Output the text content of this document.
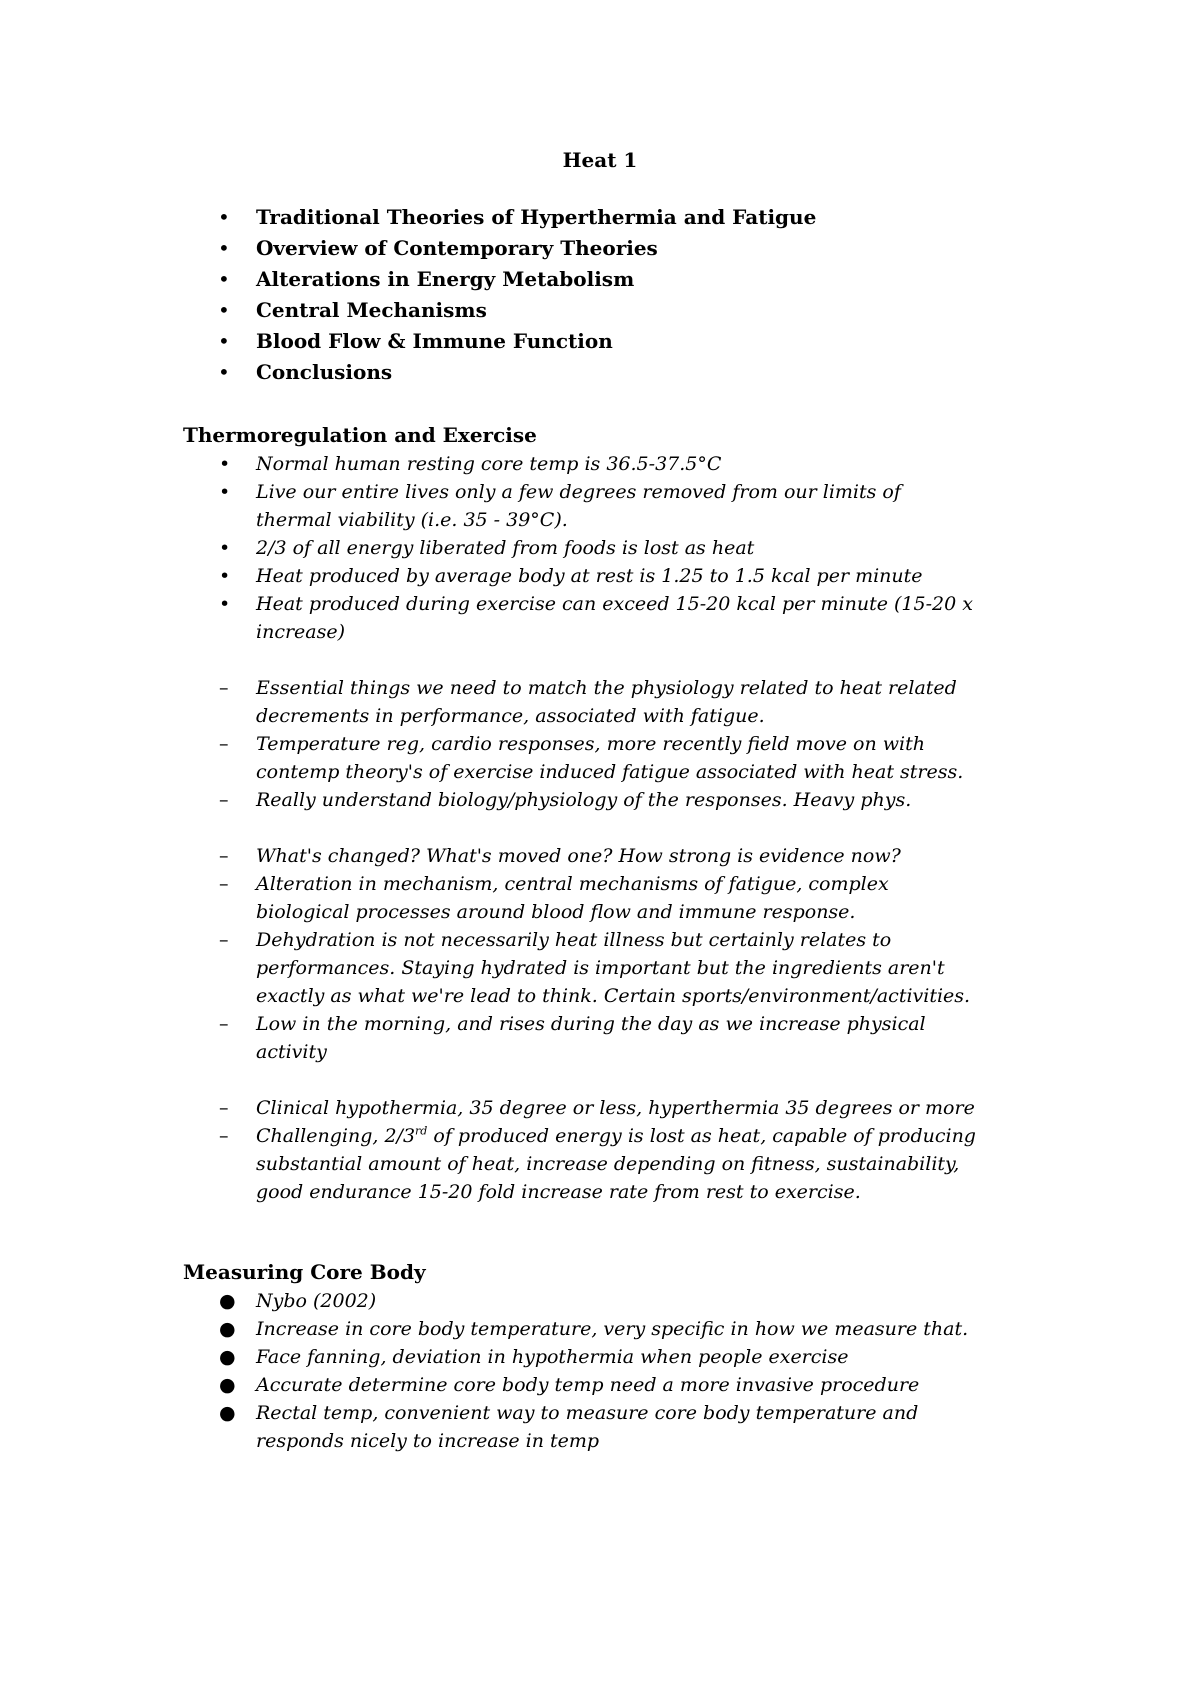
Heat 1
• Traditional Theories of Hyperthermia and Fatigue
• Overview of Contemporary Theories
• Alterations in Energy Metabolism
• Central Mechanisms
• Blood Flow & Immune Function
• Conclusions
Thermoregulation and Exercise
• Normal human resting core temp is 36.5-37.5°C
• Live our entire lives only a few degrees removed from our limits of thermal viability (i.e. 35 - 39°C).
• 2/3 of all energy liberated from foods is lost as heat
• Heat produced by average body at rest is 1.25 to 1.5 kcal per minute
• Heat produced during exercise can exceed 15-20 kcal per minute (15-20 x increase)
– Essential things we need to match the physiology related to heat related decrements in performance, associated with fatigue.
– Temperature reg, cardio responses, more recently field move on with contemp theory's of exercise induced fatigue associated with heat stress.
– Really understand biology/physiology of the responses. Heavy phys.
– What's changed? What's moved one? How strong is evidence now?
– Alteration in mechanism, central mechanisms of fatigue, complex biological processes around blood flow and immune response.
– Dehydration is not necessarily heat illness but certainly relates to performances. Staying hydrated is important but the ingredients aren't exactly as what we're lead to think. Certain sports/environment/activities.
– Low in the morning, and rises during the day as we increase physical activity
– Clinical hypothermia, 35 degree or less, hyperthermia 35 degrees or more
– Challenging, 2/3rd of produced energy is lost as heat, capable of producing substantial amount of heat, increase depending on fitness, sustainability, good endurance 15-20 fold increase rate from rest to exercise.
Measuring Core Body
● Nybo (2002)
● Increase in core body temperature, very specific in how we measure that.
● Face fanning, deviation in hypothermia when people exercise
● Accurate determine core body temp need a more invasive procedure
● Rectal temp, convenient way to measure core body temperature and responds nicely to increase in temp
